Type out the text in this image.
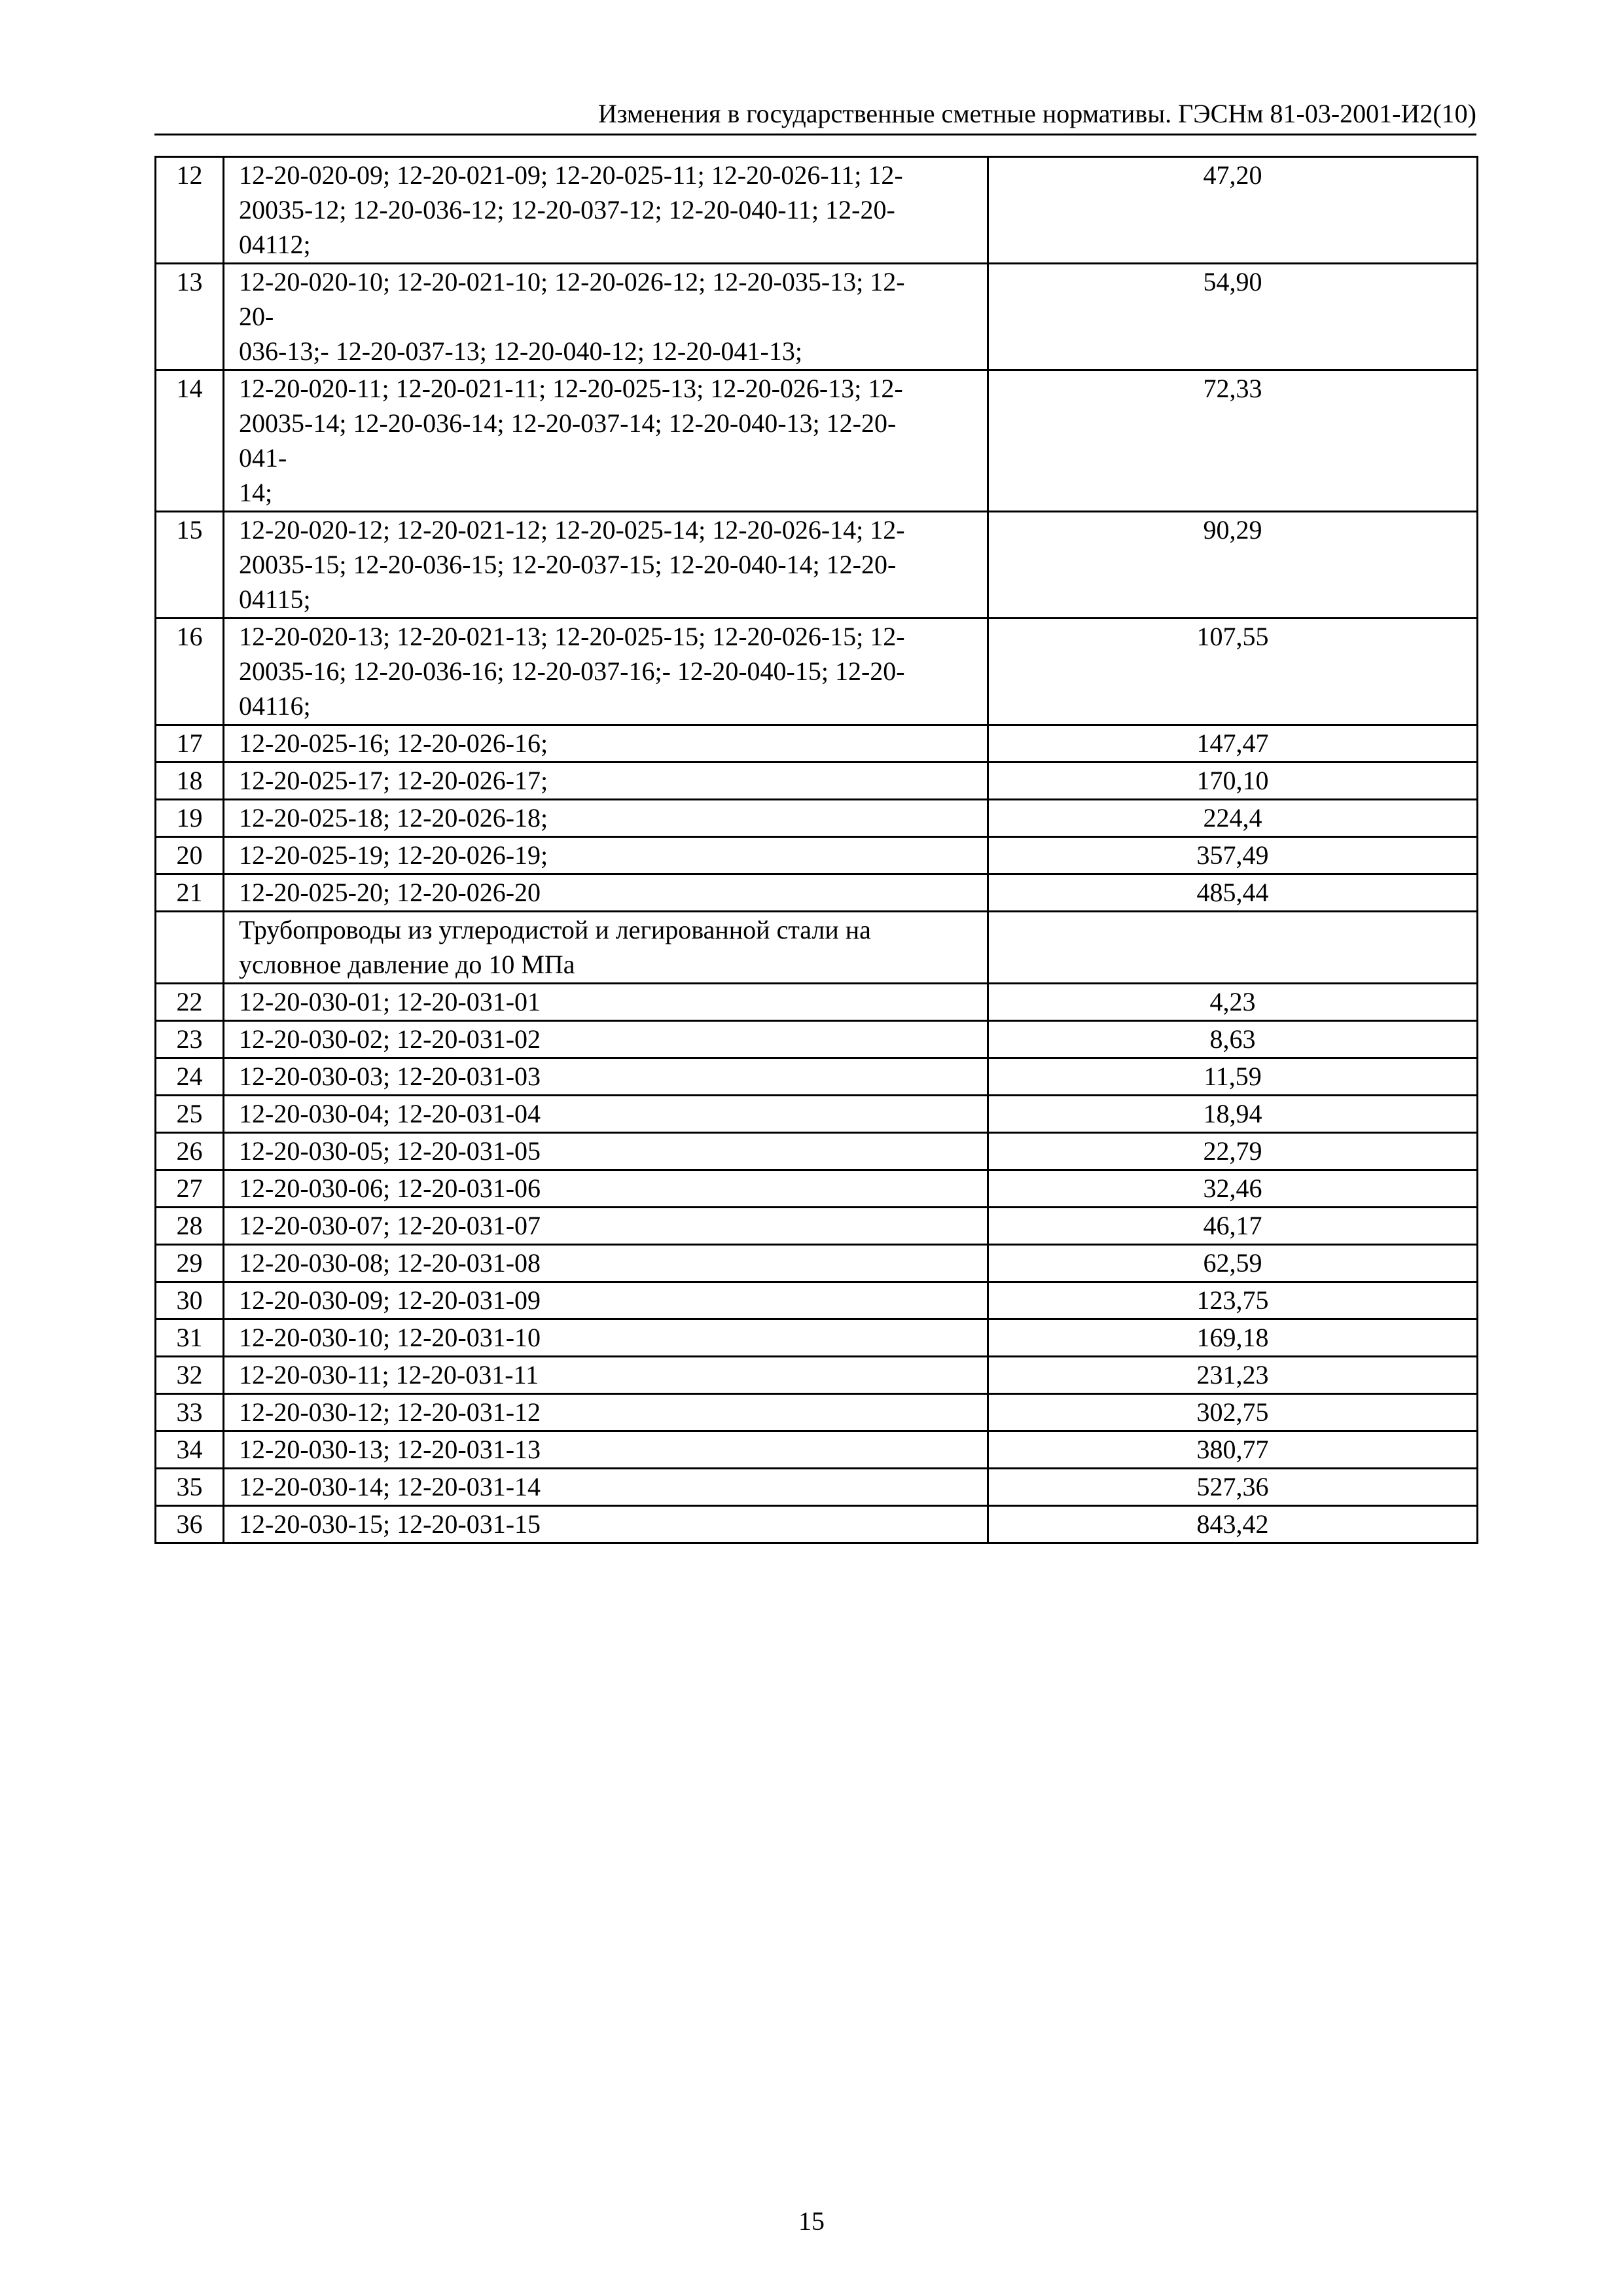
Изменения в государственные сметные нормативы. ГЭСНм 81-03-2001-И2(10)
12	12-20-020-09; 12-20-021-09; 12-20-025-11; 12-20-026-11; 12-
20035-12; 12-20-036-12; 12-20-037-12; 12-20-040-11; 12-20-
04112;	47,20
13	12-20-020-10; 12-20-021-10; 12-20-026-12; 12-20-035-13; 12-
20-
036-13;- 12-20-037-13; 12-20-040-12; 12-20-041-13;	54,90
14	12-20-020-11; 12-20-021-11; 12-20-025-13; 12-20-026-13; 12-
20035-14; 12-20-036-14; 12-20-037-14; 12-20-040-13; 12-20-
041-
14;	72,33
15	12-20-020-12; 12-20-021-12; 12-20-025-14; 12-20-026-14; 12-
20035-15; 12-20-036-15; 12-20-037-15; 12-20-040-14; 12-20-
04115;	90,29
16	12-20-020-13; 12-20-021-13; 12-20-025-15; 12-20-026-15; 12-
20035-16; 12-20-036-16; 12-20-037-16;- 12-20-040-15; 12-20-
04116;	107,55
17	12-20-025-16; 12-20-026-16;	147,47
18	12-20-025-17; 12-20-026-17;	170,10
19	12-20-025-18; 12-20-026-18;	224,4
20	12-20-025-19; 12-20-026-19;	357,49
21	12-20-025-20; 12-20-026-20	485,44
	Трубопроводы из углеродистой и легированной стали на
условное давление до 10 МПа	
22	12-20-030-01; 12-20-031-01	4,23
23	12-20-030-02; 12-20-031-02	8,63
24	12-20-030-03; 12-20-031-03	11,59
25	12-20-030-04; 12-20-031-04	18,94
26	12-20-030-05; 12-20-031-05	22,79
27	12-20-030-06; 12-20-031-06	32,46
28	12-20-030-07; 12-20-031-07	46,17
29	12-20-030-08; 12-20-031-08	62,59
30	12-20-030-09; 12-20-031-09	123,75
31	12-20-030-10; 12-20-031-10	169,18
32	12-20-030-11; 12-20-031-11	231,23
33	12-20-030-12; 12-20-031-12	302,75
34	12-20-030-13; 12-20-031-13	380,77
35	12-20-030-14; 12-20-031-14	527,36
36	12-20-030-15; 12-20-031-15	843,42
15
